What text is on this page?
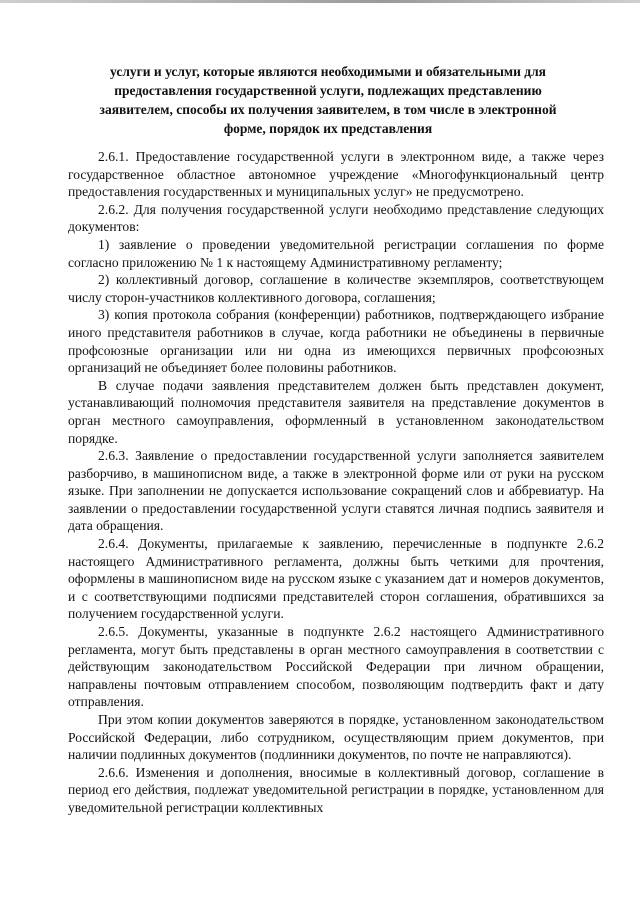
услуги и услуг, которые являются необходимыми и обязательными для предоставления государственной услуги, подлежащих представлению заявителем, способы их получения заявителем, в том числе в электронной форме, порядок их представления

2.6.1. Предоставление государственной услуги в электронном виде, а также через государственное областное автономное учреждение «Многофункциональный центр предоставления государственных и муниципальных услуг» не предусмотрено.

2.6.2. Для получения государственной услуги необходимо представление следующих документов:

1) заявление о проведении уведомительной регистрации соглашения по форме согласно приложению № 1 к настоящему Административному регламенту;

2) коллективный договор, соглашение в количестве экземпляров, соответствующем числу сторон-участников коллективного договора, соглашения;

3) копия протокола собрания (конференции) работников, подтверждающего избрание иного представителя работников в случае, когда работники не объединены в первичные профсоюзные организации или ни одна из имеющихся первичных профсоюзных организаций не объединяет более половины работников.

В случае подачи заявления представителем должен быть представлен документ, устанавливающий полномочия представителя заявителя на представление документов в орган местного самоуправления, оформленный в установленном законодательством порядке.

2.6.3. Заявление о предоставлении государственной услуги заполняется заявителем разборчиво, в машинописном виде, а также в электронной форме или от руки на русском языке. При заполнении не допускается использование сокращений слов и аббревиатур. На заявлении о предоставлении государственной услуги ставятся личная подпись заявителя и дата обращения.

2.6.4. Документы, прилагаемые к заявлению, перечисленные в подпункте 2.6.2 настоящего Административного регламента, должны быть четкими для прочтения, оформлены в машинописном виде на русском языке с указанием дат и номеров документов, и с соответствующими подписями представителей сторон соглашения, обратившихся за получением государственной услуги.

2.6.5. Документы, указанные в подпункте 2.6.2 настоящего Административного регламента, могут быть представлены в орган местного самоуправления в соответствии с действующим законодательством Российской Федерации при личном обращении, направлены почтовым отправлением способом, позволяющим подтвердить факт и дату отправления.

При этом копии документов заверяются в порядке, установленном законодательством Российской Федерации, либо сотрудником, осуществляющим прием документов, при наличии подлинных документов (подлинники документов, по почте не направляются).

2.6.6. Изменения и дополнения, вносимые в коллективный договор, соглашение в период его действия, подлежат уведомительной регистрации в порядке, установленном для уведомительной регистрации коллективных
